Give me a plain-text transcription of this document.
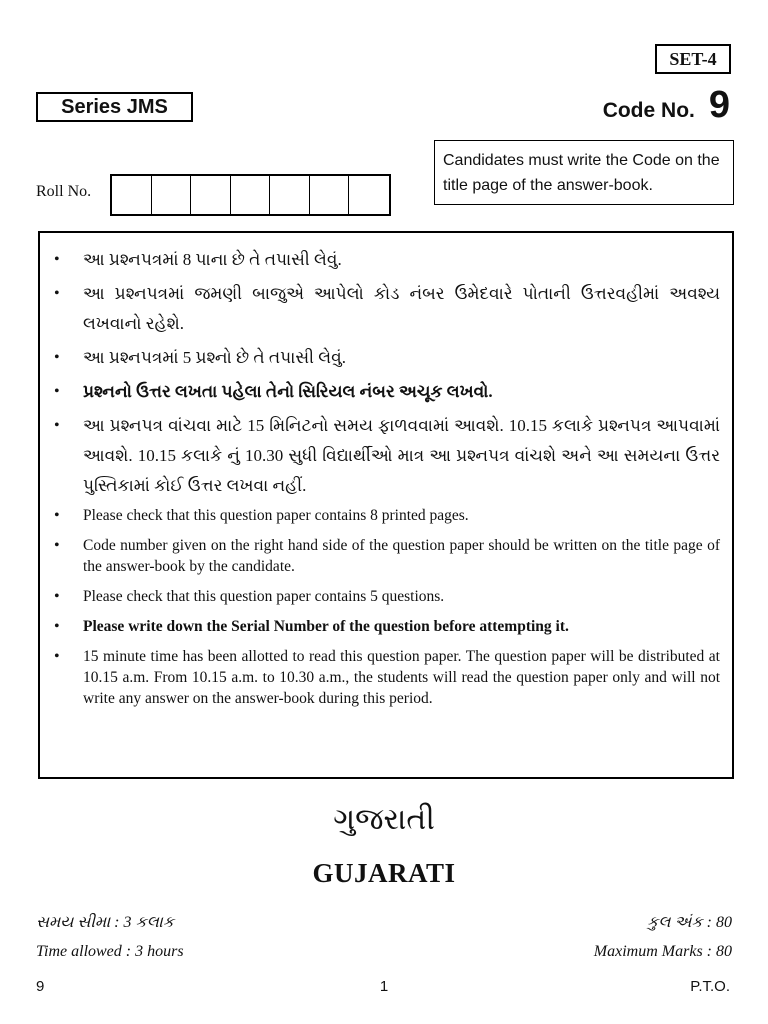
SET-4
Series JMS	Code No. 9
Candidates must write the Code on the title page of the answer-book.
Roll No.
•	આ પ્રશ્નપત્રમાં 8 પાના છે તે તપાસી લેવું.
•	આ પ્રશ્નપત્રમાં જમણી બાજુએ આપેલો કોડ નંબર ઉમેદવારે પોતાની ઉત્તરવહીમાં અવશ્ય લખવાનો રહેશે.
•	આ પ્રશ્નપત્રમાં 5 પ્રશ્નો છે તે તપાસી લેવું.
•	પ્રશ્નનો ઉત્તર લખતા પહેલા તેનો સિરિયલ નંબર અચૂક લખવો.
•	આ પ્રશ્નપત્ર વાંચવા માટે 15 મિનિટનો સમય ફાળવવામાં આવશે. 10.15 કલાકે પ્રશ્નપત્ર આપવામાં આવશે. 10.15 કલાકે નું 10.30 સુધી વિદ્યાર્થીઓ માત્ર આ પ્રશ્નપત્ર વાંચશે અને આ સમયના ઉત્તર પુસ્તિકામાં કોઈ ઉત્તર લખવા નહીં.
•	Please check that this question paper contains 8 printed pages.
•	Code number given on the right hand side of the question paper should be written on the title page of the answer-book by the candidate.
•	Please check that this question paper contains 5 questions.
•	Please write down the Serial Number of the question before attempting it.
•	15 minute time has been allotted to read this question paper. The question paper will be distributed at 10.15 a.m. From 10.15 a.m. to 10.30 a.m., the students will read the question paper only and will not write any answer on the answer-book during this period.
ગુજરાતી
GUJARATI
સમય સીમા : 3 કલાક	કુલ અંક : 80
Time allowed : 3 hours	Maximum Marks : 80
9	1	P.T.O.
